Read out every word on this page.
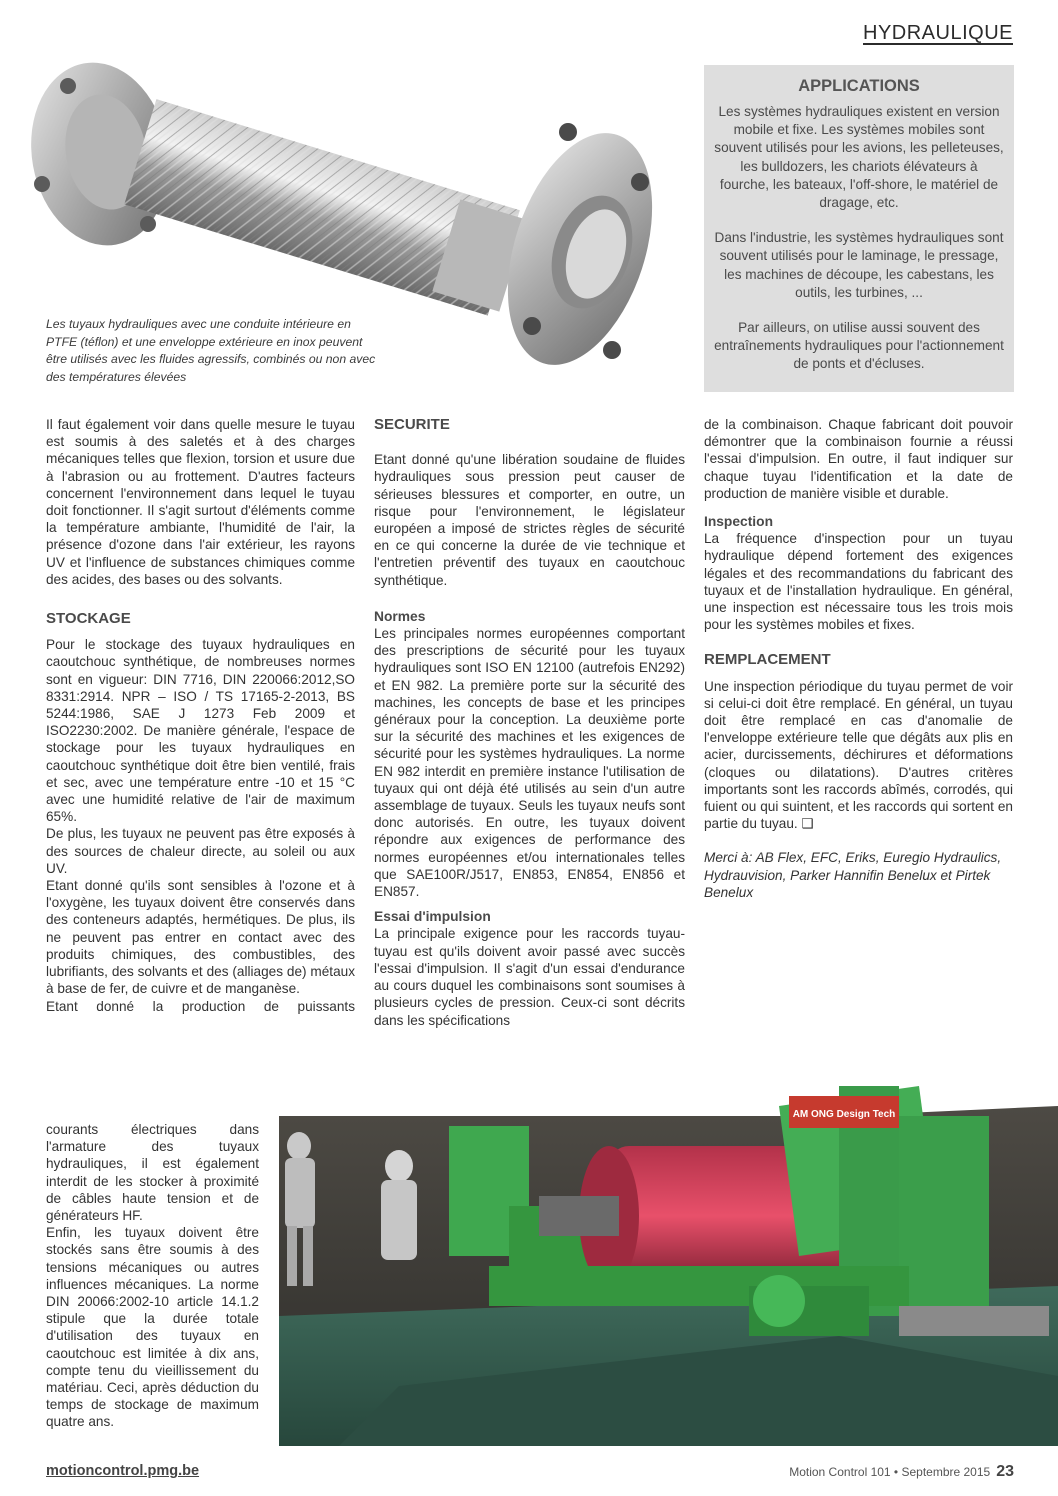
HYDRAULIQUE
Les tuyaux hydrauliques avec une conduite intérieure en PTFE (téflon) et une enveloppe extérieure en inox peuvent être utilisés avec les fluides agressifs, combinés ou non avec des températures élevées
APPLICATIONS

Les systèmes hydrauliques existent en version mobile et fixe. Les systèmes mobiles sont souvent utilisés pour les avions, les pelleteuses, les bulldozers, les chariots élévateurs à fourche, les bateaux, l'off-shore, le matériel de dragage, etc.

Dans l'industrie, les systèmes hydrauliques sont souvent utilisés pour le laminage, le pressage, les machines de découpe, les cabestans, les outils, les turbines, ...

Par ailleurs, on utilise aussi souvent des entraînements hydrauliques pour l'actionnement de ponts et d'écluses.

Il faut également voir dans quelle mesure le tuyau est soumis à des saletés et à des charges mécaniques telles que flexion, torsion et usure due à l'abrasion ou au frottement. D'autres facteurs concernent l'environnement dans lequel le tuyau doit fonctionner. Il s'agit surtout d'éléments comme la température ambiante, l'humidité de l'air, la présence d'ozone dans l'air extérieur, les rayons UV et l'influence de substances chimiques comme des acides, des bases ou des solvants.

STOCKAGE

Pour le stockage des tuyaux hydrauliques en caoutchouc synthétique, de nombreuses normes sont en vigueur: DIN 7716, DIN 220066:2012,SO 8331:2914. NPR – ISO / TS 17165-2-2013, BS 5244:1986, SAE J 1273 Feb 2009 et ISO2230:2002. De manière générale, l'espace de stockage pour les tuyaux hydrauliques en caoutchouc synthétique doit être bien ventilé, frais et sec, avec une température entre -10 et 15 °C avec une humidité relative de l'air de maximum 65%.

De plus, les tuyaux ne peuvent pas être exposés à des sources de chaleur directe, au soleil ou aux UV.

Etant donné qu'ils sont sensibles à l'ozone et à l'oxygène, les tuyaux doivent être conservés dans des conteneurs adaptés, hermétiques. De plus, ils ne peuvent pas entrer en contact avec des produits chimiques, des combustibles, des lubrifiants, des solvants et des (alliages de) métaux à base de fer, de cuivre et de manganèse.

Etant donné la production de puissants

courants électriques dans l'armature des tuyaux hydrauliques, il est également interdit de les stocker à proximité de câbles haute tension et de générateurs HF.

Enfin, les tuyaux doivent être stockés sans être soumis à des tensions mécaniques ou autres influences mécaniques. La norme DIN 20066:2002-10 article 14.1.2 stipule que la durée totale d'utilisation des tuyaux en caoutchouc est limitée à dix ans, compte tenu du vieillissement du matériau. Ceci, après déduction du temps de stockage de maximum quatre ans.

SECURITE

Etant donné qu'une libération soudaine de fluides hydrauliques sous pression peut causer de sérieuses blessures et comporter, en outre, un risque pour l'environnement, le législateur européen a imposé de strictes règles de sécurité en ce qui concerne la durée de vie technique et l'entretien préventif des tuyaux en caoutchouc synthétique.

Normes

Les principales normes européennes comportant des prescriptions de sécurité pour les tuyaux hydrauliques sont ISO EN 12100 (autrefois EN292) et EN 982. La première porte sur la sécurité des machines, les concepts de base et les principes généraux pour la conception. La deuxième porte sur la sécurité des machines et les exigences de sécurité pour les systèmes hydrauliques. La norme EN 982 interdit en première instance l'utilisation de tuyaux qui ont déjà été utilisés au sein d'un autre assemblage de tuyaux. Seuls les tuyaux neufs sont donc autorisés. En outre, les tuyaux doivent répondre aux exigences de performance des normes européennes et/ou internationales telles que SAE100R/J517, EN853, EN854, EN856 et EN857.

Essai d'impulsion

La principale exigence pour les raccords tuyau-tuyau est qu'ils doivent avoir passé avec succès l'essai d'impulsion. Il s'agit d'un essai d'endurance au cours duquel les combinaisons sont soumises à plusieurs cycles de pression. Ceux-ci sont décrits dans les spécifications

de la combinaison. Chaque fabricant doit pouvoir démontrer que la combinaison fournie a réussi l'essai d'impulsion. En outre, il faut indiquer sur chaque tuyau l'identification et la date de production de manière visible et durable.

Inspection

La fréquence d'inspection pour un tuyau hydraulique dépend fortement des exigences légales et des recommandations du fabricant des tuyaux et de l'installation hydraulique. En général, une inspection est nécessaire tous les trois mois pour les systèmes mobiles et fixes.

REMPLACEMENT

Une inspection périodique du tuyau permet de voir si celui-ci doit être remplacé. En général, un tuyau doit être remplacé en cas d'anomalie de l'enveloppe extérieure telle que dégâts aux plis en acier, durcissements, déchirures et déformations (cloques ou dilatations). D'autres critères importants sont les raccords abîmés, corrodés, qui fuient ou qui suintent, et les raccords qui sortent en partie du tuyau. ❑

Merci à: AB Flex, EFC, Eriks, Euregio Hydraulics, Hydrauvision, Parker Hannifin Benelux et Pirtek Benelux

AM ONG Design Tech
motioncontrol.pmg.be	Motion Control 101 • Septembre 2015 23
